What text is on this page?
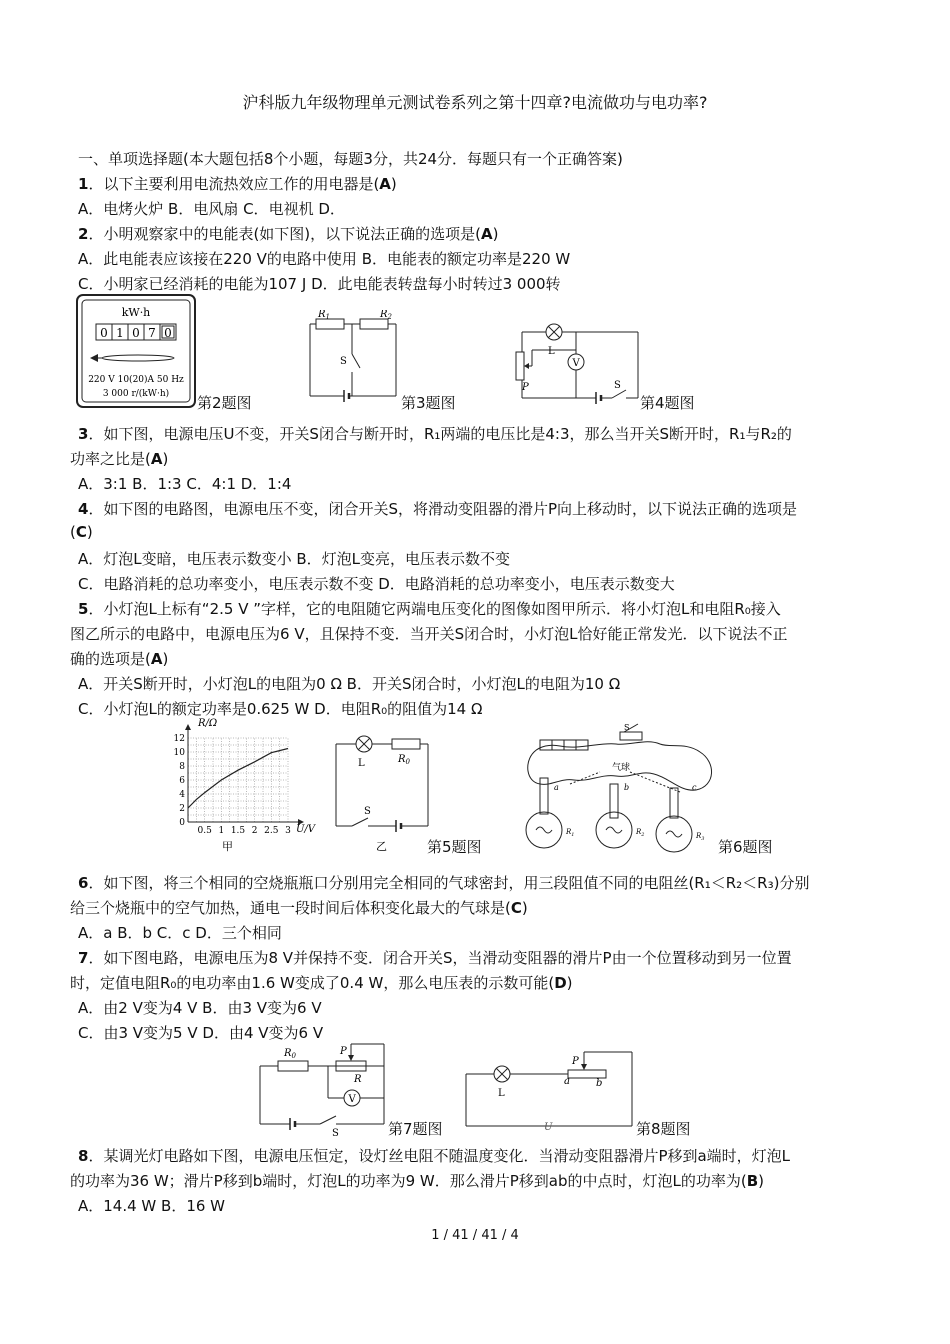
沪科版九年级物理单元测试卷系列之第十四章?电流做功与电功率?
一、单项选择题(本大题包括8个小题，每题3分，共24分．每题只有一个正确答案)
1．以下主要利用电流热效应工作的用电器是(A)
A．电烤火炉 B．电风扇 C．电视机 D．
2．小明观察家中的电能表(如下图)，以下说法正确的选项是(A)
A．此电能表应该接在220 V的电路中使用 B．电能表的额定功率是220 W
C．小明家已经消耗的电能为107 J D．此电能表转盘每小时转过3 000转
kW·h
0 1 0 7 0
220 V 10(20)A 50 Hz
3 000 r/(kW·h) 第2题图
$R_1$	$R_2$
S
第3题图
V
L
P	S
第4题图
3．如下图，电源电压U不变，开关S闭合与断开时，R₁两端的电压比是4:3，那么当开关S断开时，R₁与R₂的
功率之比是(A)
A．3:1 B．1:3 C．4:1 D．1:4
4．如下图的电路图，电源电压不变，闭合开关S，将滑动变阻器的滑片P向上移动时，以下说法正确的选项是
(C)
A．灯泡L变暗，电压表示数变小 B．灯泡L变亮，电压表示数不变
C．电路消耗的总功率变小，电压表示数不变 D．电路消耗的总功率变小，电压表示数变大
5．小灯泡L上标有“2.5 V ”字样，它的电阻随它两端电压变化的图像如图甲所示．将小灯泡L和电阻R₀接入
图乙所示的电路中，电源电压为6 V，且保持不变．当开关S闭合时，小灯泡L恰好能正常发光．以下说法不正
确的选项是(A)
A．开关S断开时，小灯泡L的电阻为0 Ω B．开关S闭合时，小灯泡L的电阻为10 Ω
C．小灯泡L的额定功率是0.625 W D．电阻R₀的阻值为14 Ω
0.5 1 1.5 2 2.5 3
0
2
4
6
8
10
12
R/Ω
U/V
甲
L	$R_0$
S
乙	第5题图
S
气球
$R_1$
a
$R_2$
b
$R_3$
c
第6题图
6．如下图，将三个相同的空烧瓶瓶口分别用完全相同的气球密封，用三段阻值不同的电阻丝(R₁＜R₂＜R₃)分别
给三个烧瓶中的空气加热，通电一段时间后体积变化最大的气球是(C)
A．a B．b C．c D．三个相同
7．如下图电路，电源电压为8 V并保持不变．闭合开关S，当滑动变阻器的滑片P由一个位置移动到另一位置
时，定值电阻R₀的电功率由1.6 W变成了0.4 W，那么电压表的示数可能(D)
A．由2 V变为4 V B．由3 V变为6 V
C．由3 V变为5 V D．由4 V变为6 V
V
$R_0$	P
R
S	第7题图
L
P
a	b
U	第8题图
8．某调光灯电路如下图，电源电压恒定，设灯丝电阻不随温度变化．当滑动变阻器滑片P移到a端时，灯泡L
的功率为36 W；滑片P移到b端时，灯泡L的功率为9 W．那么滑片P移到ab的中点时，灯泡L的功率为(B)
A．14.4 W B．16 W
1 / 41 / 41 / 4
